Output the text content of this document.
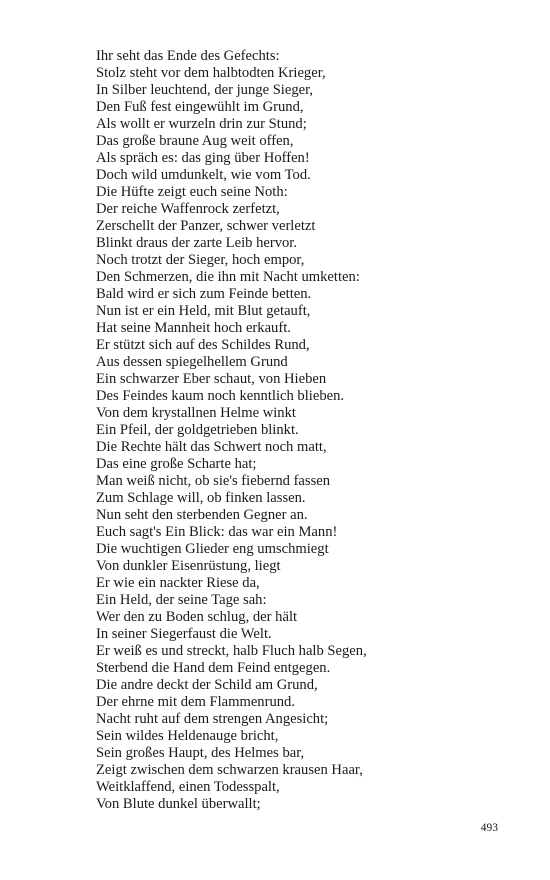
Ihr seht das Ende des Gefechts:

Stolz steht vor dem halbtodten Krieger,

In Silber leuchtend, der junge Sieger,

Den Fuß fest eingewühlt im Grund,

Als wollt er wurzeln drin zur Stund;

Das große braune Aug weit offen,

Als spräch es: das ging über Hoffen!

Doch wild umdunkelt, wie vom Tod.

Die Hüfte zeigt euch seine Noth:

Der reiche Waffenrock zerfetzt,

Zerschellt der Panzer, schwer verletzt

Blinkt draus der zarte Leib hervor.

Noch trotzt der Sieger, hoch empor,

Den Schmerzen, die ihn mit Nacht umketten:

Bald wird er sich zum Feinde betten.

Nun ist er ein Held, mit Blut getauft,

Hat seine Mannheit hoch erkauft.

Er stützt sich auf des Schildes Rund,

Aus dessen spiegelhellem Grund

Ein schwarzer Eber schaut, von Hieben

Des Feindes kaum noch kenntlich blieben.

Von dem krystallnen Helme winkt

Ein Pfeil, der goldgetrieben blinkt.

Die Rechte hält das Schwert noch matt,

Das eine große Scharte hat;

Man weiß nicht, ob sie's fiebernd fassen

Zum Schlage will, ob finken lassen.

Nun seht den sterbenden Gegner an.

Euch sagt's Ein Blick: das war ein Mann!

Die wuchtigen Glieder eng umschmiegt

Von dunkler Eisenrüstung, liegt

Er wie ein nackter Riese da,

Ein Held, der seine Tage sah:

Wer den zu Boden schlug, der hält

In seiner Siegerfaust die Welt.

Er weiß es und streckt, halb Fluch halb Segen,

Sterbend die Hand dem Feind entgegen.

Die andre deckt der Schild am Grund,

Der ehrne mit dem Flammenrund.

Nacht ruht auf dem strengen Angesicht;

Sein wildes Heldenauge bricht,

Sein großes Haupt, des Helmes bar,

Zeigt zwischen dem schwarzen krausen Haar,

Weitklaffend, einen Todesspalt,

Von Blute dunkel überwallt;

493
